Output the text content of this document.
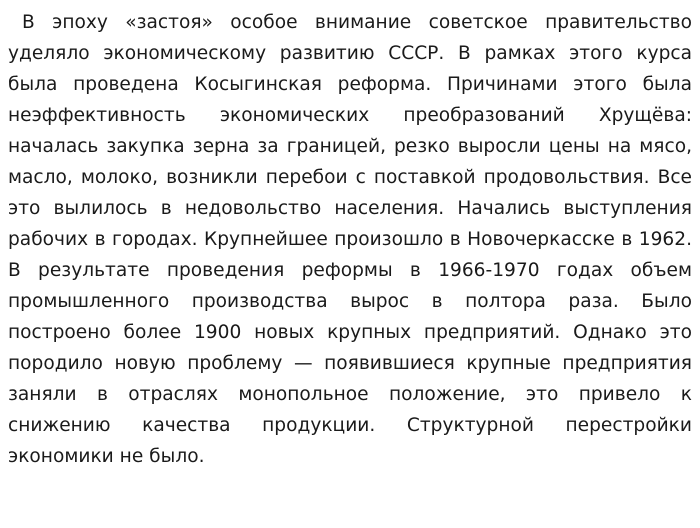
В эпоху «застоя» особое внимание советское правительство уделяло экономическому развитию СССР. В рамках этого курса была проведена Косыгинская реформа. Причинами этого была неэффективность экономических преобразований Хрущёва: началась закупка зерна за границей, резко выросли цены на мясо, масло, молоко, возникли перебои с поставкой продовольствия. Все это вылилось в недовольство населения. Начались выступления рабочих в городах. Крупнейшее произошло в Новочеркасске в 1962. В результате проведения реформы в 1966-1970 годах объем промышленного производства вырос в полтора раза. Было построено более 1900 новых крупных предприятий. Однако это породило новую проблему — появившиеся крупные предприятия заняли в отраслях монопольное положение, это привело к снижению качества продукции. Структурной перестройки экономики не было.
